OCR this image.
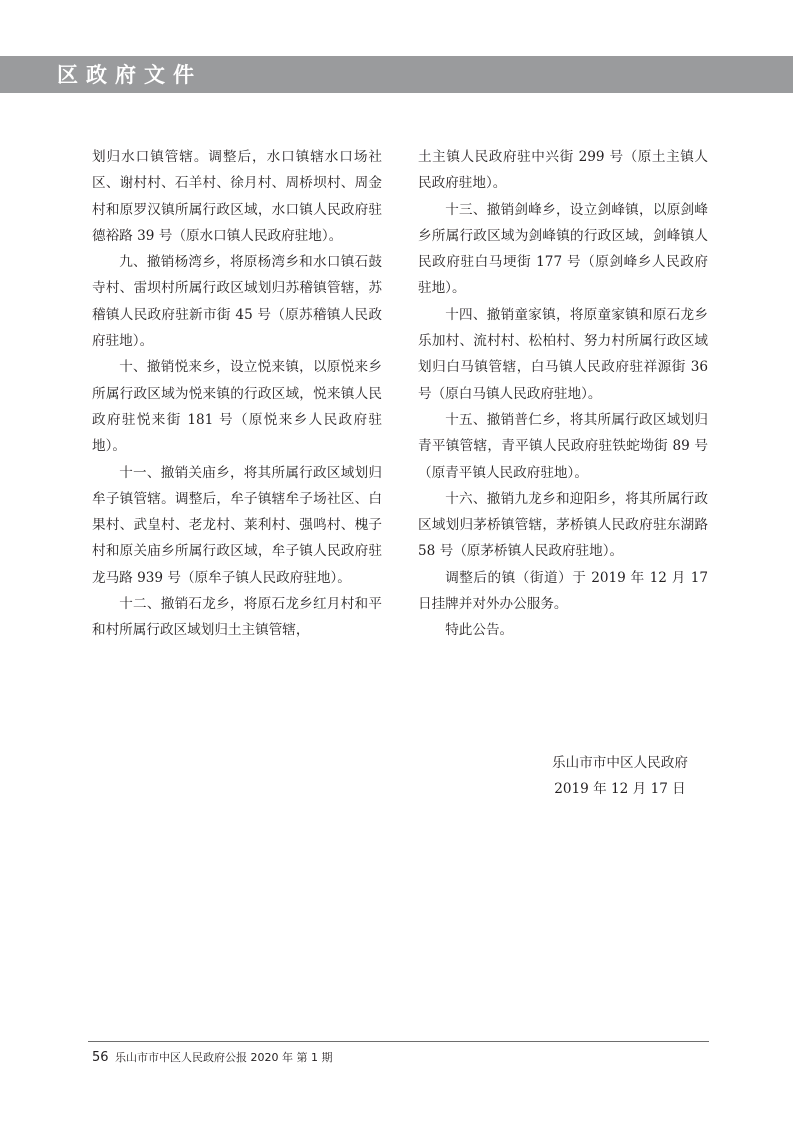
区政府文件

划归水口镇管辖。调整后，水口镇辖水口场社区、谢村村、石羊村、徐月村、周桥坝村、周金村和原罗汉镇所属行政区域，水口镇人民政府驻德裕路 39 号（原水口镇人民政府驻地）。

九、撤销杨湾乡，将原杨湾乡和水口镇石鼓寺村、雷坝村所属行政区域划归苏稽镇管辖，苏稽镇人民政府驻新市街 45 号（原苏稽镇人民政府驻地）。

十、撤销悦来乡，设立悦来镇，以原悦来乡所属行政区域为悦来镇的行政区域，悦来镇人民政府驻悦来街 181 号（原悦来乡人民政府驻地）。

十一、撤销关庙乡，将其所属行政区域划归牟子镇管辖。调整后，牟子镇辖牟子场社区、白果村、武皇村、老龙村、莱利村、强鸣村、槐子村和原关庙乡所属行政区域，牟子镇人民政府驻龙马路 939 号（原牟子镇人民政府驻地）。

十二、撤销石龙乡，将原石龙乡红月村和平和村所属行政区域划归土主镇管辖，

土主镇人民政府驻中兴街 299 号（原土主镇人民政府驻地）。

十三、撤销剑峰乡，设立剑峰镇，以原剑峰乡所属行政区域为剑峰镇的行政区域，剑峰镇人民政府驻白马埂街 177 号（原剑峰乡人民政府驻地）。

十四、撤销童家镇，将原童家镇和原石龙乡乐加村、流村村、松柏村、努力村所属行政区域划归白马镇管辖，白马镇人民政府驻祥源街 36 号（原白马镇人民政府驻地）。

十五、撤销普仁乡，将其所属行政区域划归青平镇管辖，青平镇人民政府驻铁蛇坳街 89 号（原青平镇人民政府驻地）。

十六、撤销九龙乡和迎阳乡，将其所属行政区域划归茅桥镇管辖，茅桥镇人民政府驻东湖路 58 号（原茅桥镇人民政府驻地）。

调整后的镇（街道）于 2019 年 12 月 17 日挂牌并对外办公服务。

特此公告。

乐山市市中区人民政府
2019 年 12 月 17 日
56 乐山市市中区人民政府公报 2020 年 第 1 期
